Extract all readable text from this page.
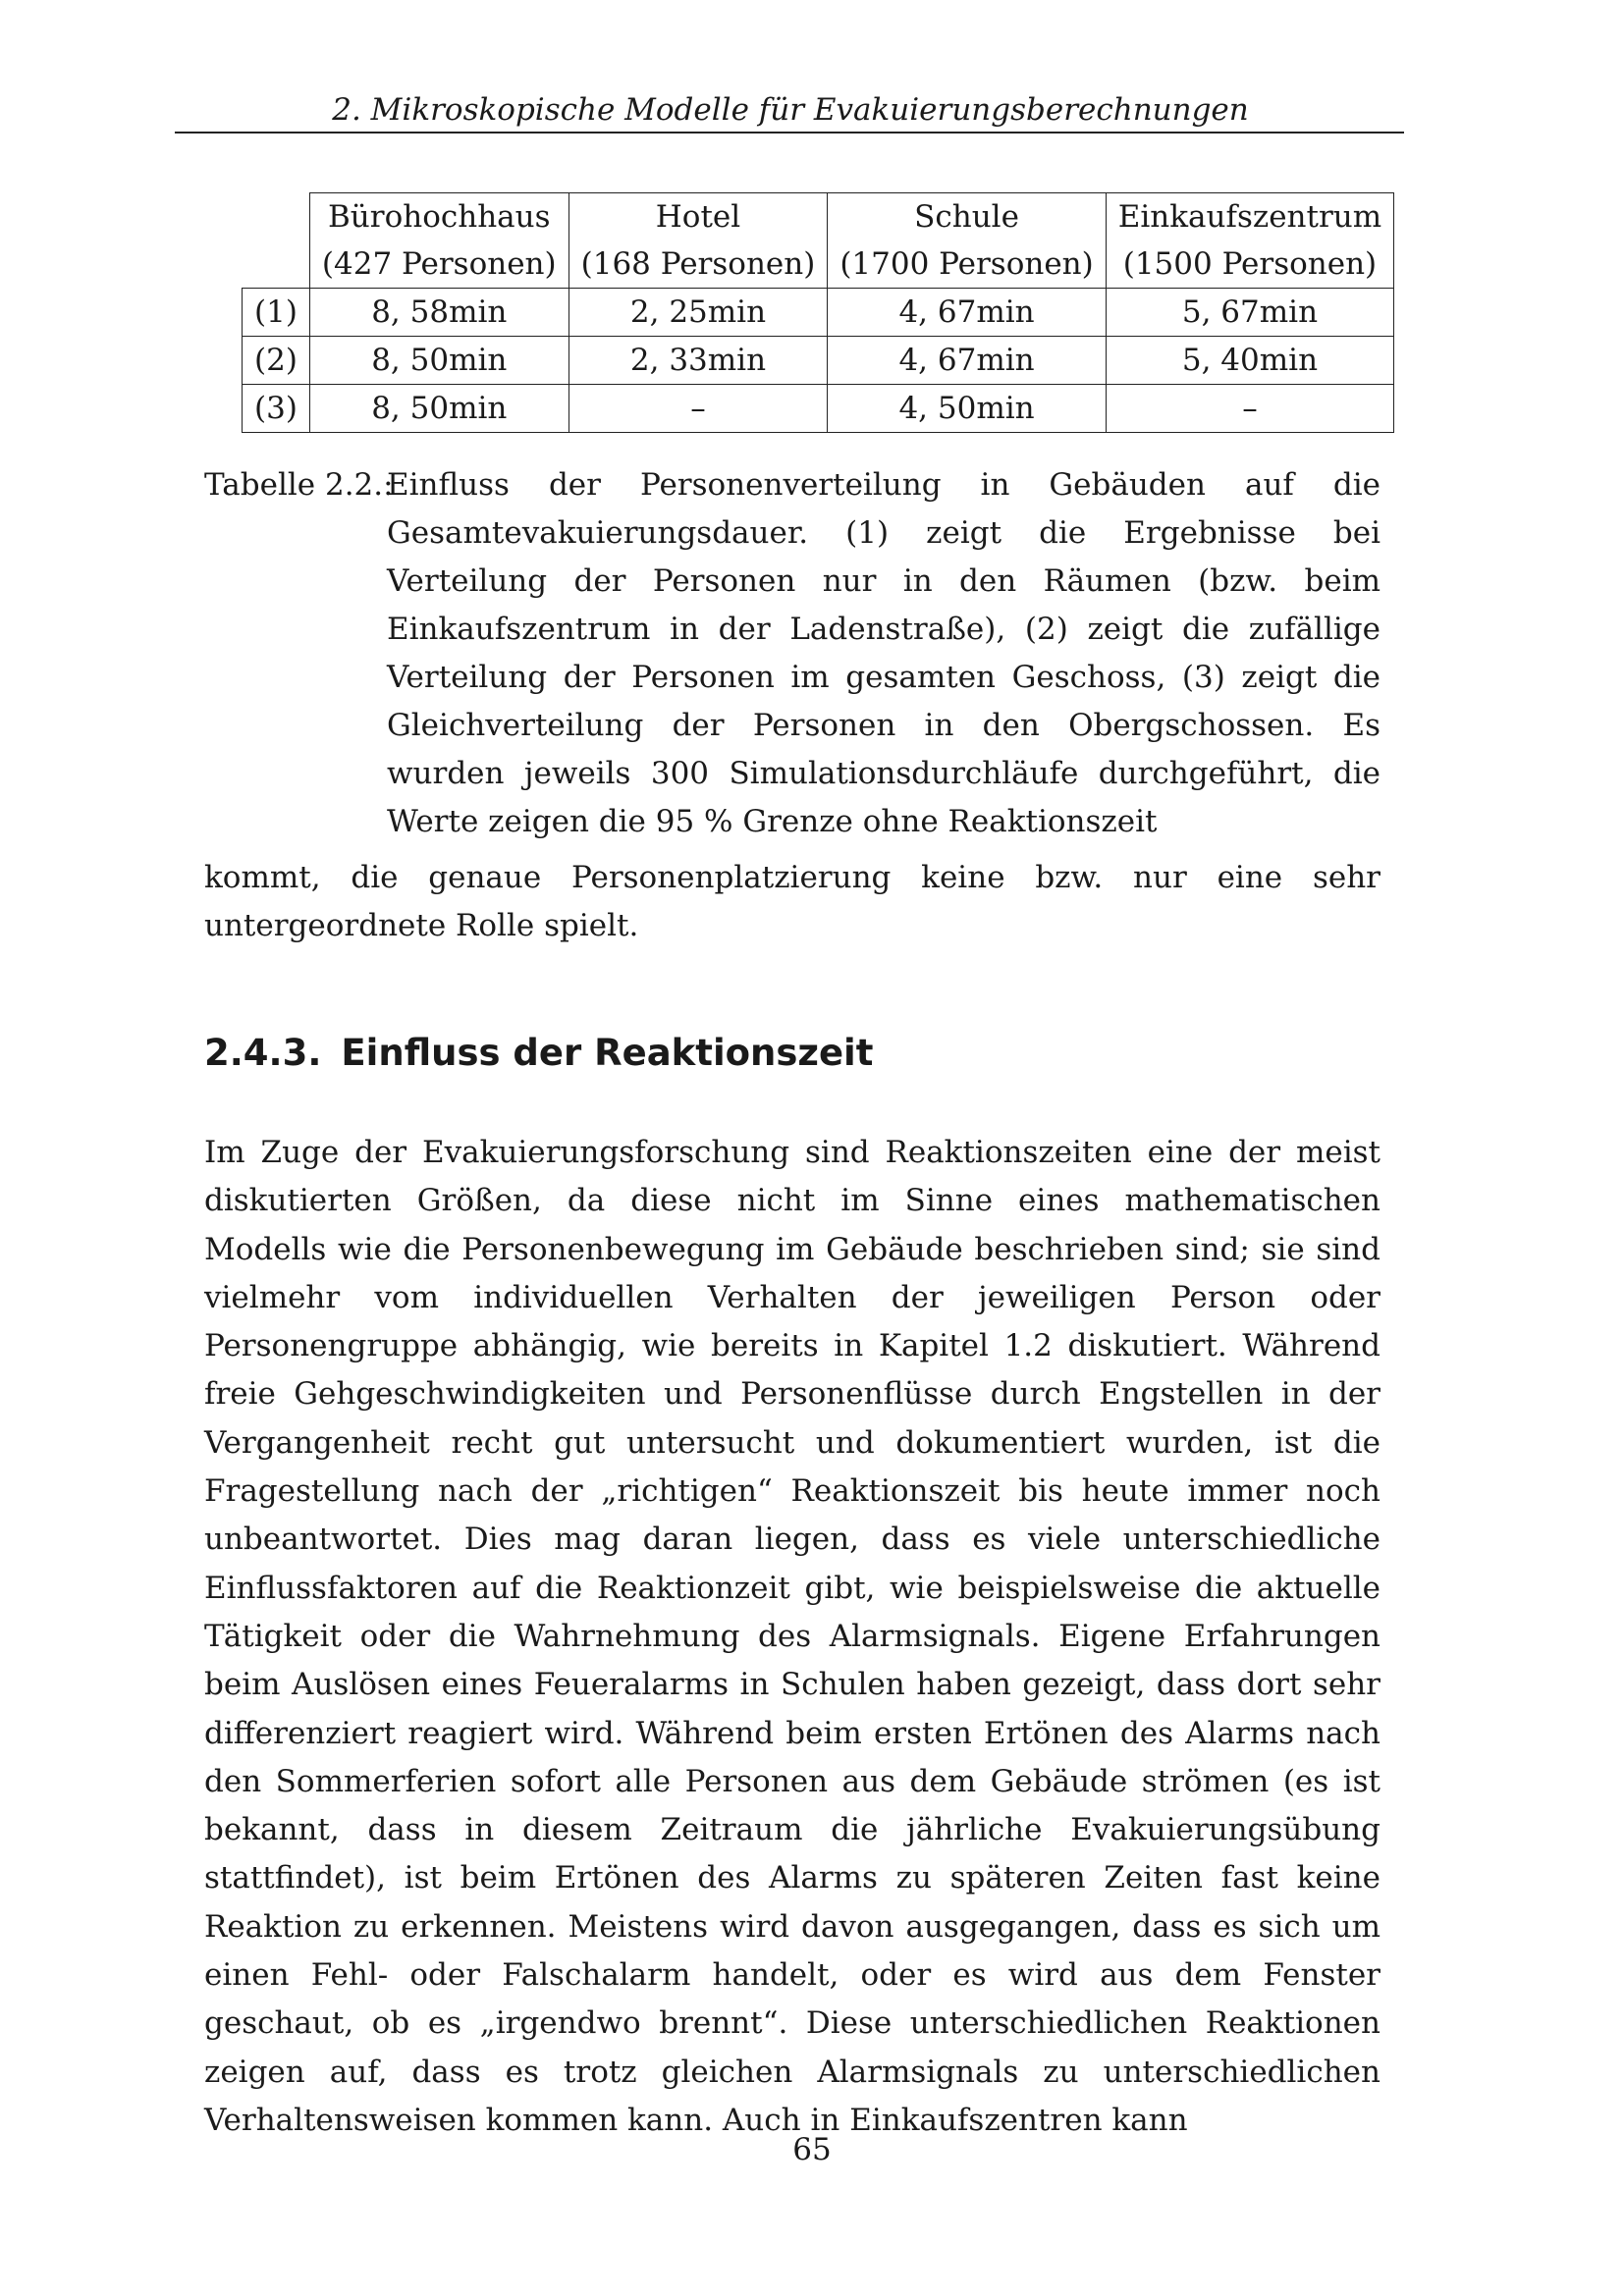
2. Mikroskopische Modelle für Evakuierungsberechnungen
	Bürohochhaus	Hotel	Schule	Einkaufszentrum
	(427 Personen)	(168 Personen)	(1700 Personen)	(1500 Personen)
(1)	8, 58min	2, 25min	4, 67min	5, 67min
(2)	8, 50min	2, 33min	4, 67min	5, 40min
(3)	8, 50min	–	4, 50min	–
Tabelle 2.2.:
Einfluss der Personenverteilung in Gebäuden auf die Gesamtevakuierungsdauer. (1) zeigt die Ergebnisse bei Verteilung der Personen nur in den Räumen (bzw. beim Einkaufszentrum in der Ladenstraße), (2) zeigt die zufällige Verteilung der Personen im gesamten Geschoss, (3) zeigt die Gleichverteilung der Personen in den Obergschossen. Es wurden jeweils 300 Simulationsdurchläufe durchgeführt, die Werte zeigen die 95 % Grenze ohne Reaktionszeit

kommt, die genaue Personenplatzierung keine bzw. nur eine sehr untergeordnete Rolle spielt.

2.4.3. Einfluss der Reaktionszeit

Im Zuge der Evakuierungsforschung sind Reaktionszeiten eine der meist diskutierten Größen, da diese nicht im Sinne eines mathematischen Modells wie die Personenbewegung im Gebäude beschrieben sind; sie sind vielmehr vom individuellen Verhalten der jeweiligen Person oder Personengruppe abhängig, wie bereits in Kapitel 1.2 diskutiert. Während freie Gehgeschwindigkeiten und Personenflüsse durch Engstellen in der Vergangenheit recht gut untersucht und dokumentiert wurden, ist die Fragestellung nach der „richtigen“ Reaktionszeit bis heute immer noch unbeantwortet. Dies mag daran liegen, dass es viele unterschiedliche Einflussfaktoren auf die Reaktionzeit gibt, wie beispielsweise die aktuelle Tätigkeit oder die Wahrnehmung des Alarmsignals. Eigene Erfahrungen beim Auslösen eines Feueralarms in Schulen haben gezeigt, dass dort sehr differenziert reagiert wird. Während beim ersten Ertönen des Alarms nach den Sommerferien sofort alle Personen aus dem Gebäude strömen (es ist bekannt, dass in diesem Zeitraum die jährliche Evakuierungsübung stattfindet), ist beim Ertönen des Alarms zu späteren Zeiten fast keine Reaktion zu erkennen. Meistens wird davon ausgegangen, dass es sich um einen Fehl- oder Falschalarm handelt, oder es wird aus dem Fenster geschaut, ob es „irgendwo brennt“. Diese unterschiedlichen Reaktionen zeigen auf, dass es trotz gleichen Alarmsignals zu unterschiedlichen Verhaltensweisen kommen kann. Auch in Einkaufszentren kann

65
